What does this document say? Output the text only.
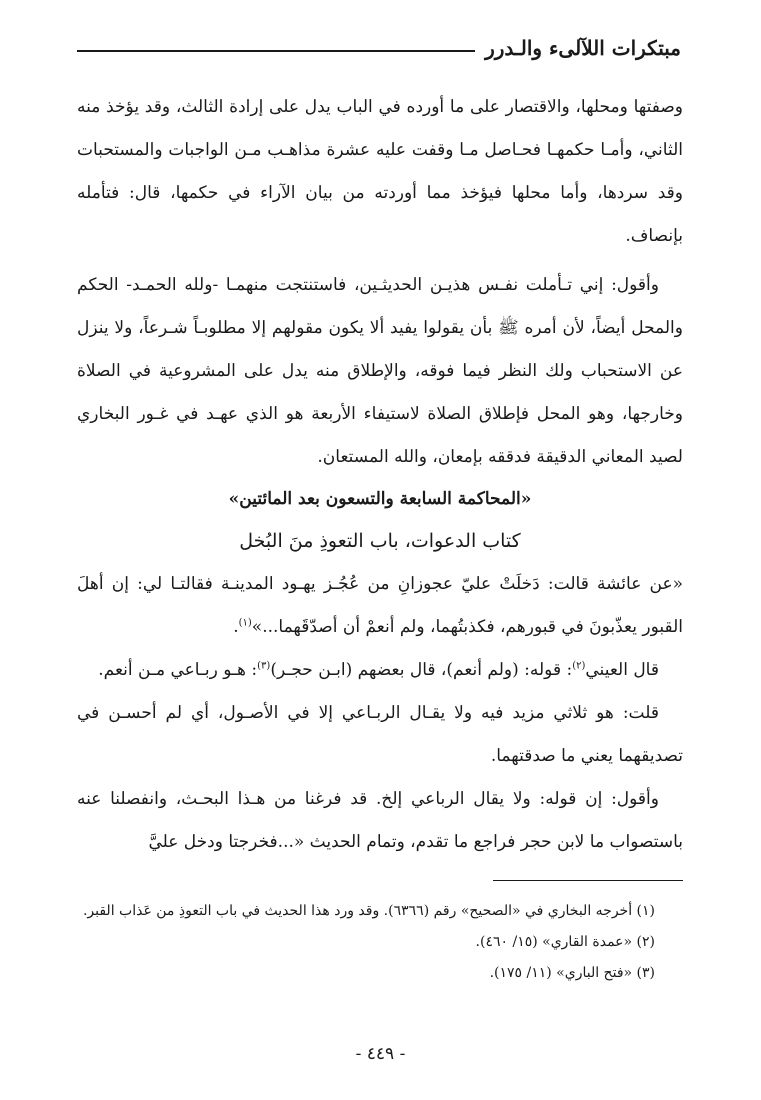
مبتكرات اللآلىء والـدرر

وصفتها ومحلها، والاقتصار على ما أورده في الباب يدل على إرادة الثالث، وقد يؤخذ منه الثاني، وأمـا حكمهـا فحـاصل مـا وقفت عليه عشرة مذاهـب مـن الواجبات والمستحبات وقد سردها، وأما محلها فيؤخذ مما أوردته من بيان الآراء في حكمها، قال: فتأمله بإنصاف.

وأقول: إني تـأملت نفـس هذيـن الحديثـين، فاستنتجت منهمـا -ولله الحمـد- الحكم والمحل أيضاً، لأن أمره ﷺ بأن يقولوا يفيد ألا يكون مقولهم إلا مطلوبـاً شـرعاً، ولا ينزل عن الاستحباب ولك النظر فيما فوقه، والإطلاق منه يدل على المشروعية في الصلاة وخارجها، وهو المحل فإطلاق الصلاة لاستيفاء الأربعة هو الذي عهـد في غـور البخاري لصيد المعاني الدقيقة فدققه بإمعان، والله المستعان.

«المحاكمة السابعة والتسعون بعد المائتين»

كتاب الدعوات، باب التعوذِ منَ البُخل

«عن عائشة قالت: دَخلَتْ عليّ عجوزانِ من عُجُـز يهـود المدينـة فقالتـا لي: إن أهلَ القبور يعذّبونَ في قبورهم، فكذبتُهما، ولم أنعمْ أن أصدّقَهما...»$^{(١)}$.

قال العيني$^{(٢)}$: قوله: (ولم أنعم)، قال بعضهم (ابـن حجـر)$^{(٣)}$: هـو ربـاعي مـن أنعم.

قلت: هو ثلاثي مزيد فيه ولا يقـال الربـاعي إلا في الأصـول، أي لم أحسـن في تصديقهما يعني ما صدقتهما.

وأقول: إن قوله: ولا يقال الرباعي إلخ. قد فرغنا من هـذا البحـث، وانفصلنا عنه باستصواب ما لابن حجر فراجع ما تقدم، وتمام الحديث «...فخرجتا ودخل عليَّ

(١) أخرجه البخاري في «الصحيح» رقم (٦٣٦٦). وقد ورد هذا الحديث في باب التعوذِ من عَذاب القبر.

(٢) «عمدة القاري» (١٥/ ٤٦٠).

(٣) «فتح الباري» (١١/ ١٧٥).

- ٤٤٩ -
